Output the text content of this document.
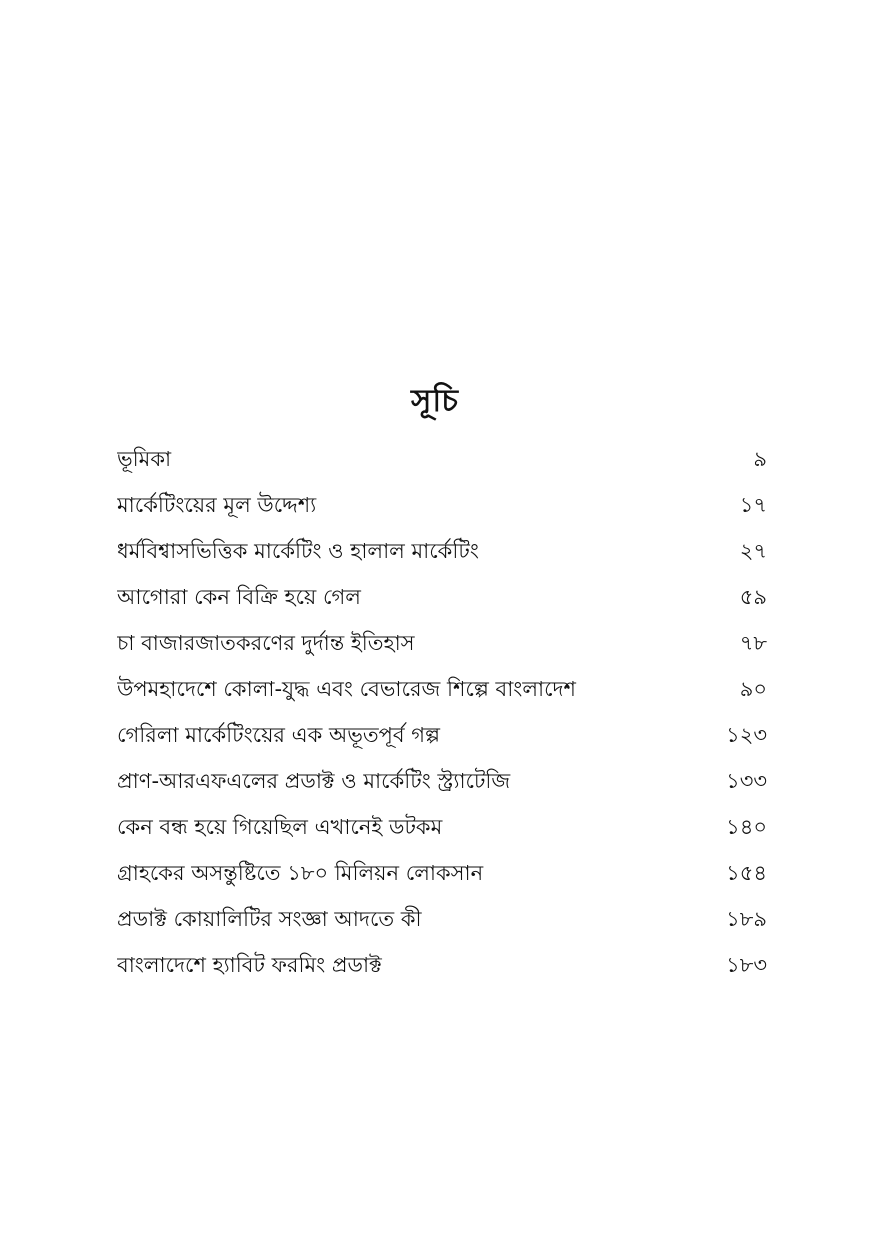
সূচি
ভূমিকা	৯
মার্কেটিংয়ের মূল উদ্দেশ্য	১৭
ধর্মবিশ্বাসভিত্তিক মার্কেটিং ও হালাল মার্কেটিং	২৭
আগোরা কেন বিক্রি হয়ে গেল	৫৯
চা বাজারজাতকরণের দুর্দান্ত ইতিহাস	৭৮
উপমহাদেশে কোলা-যুদ্ধ এবং বেভারেজ শিল্পে বাংলাদেশ	৯০
গেরিলা মার্কেটিংয়ের এক অভূতপূর্ব গল্প	১২৩
প্রাণ-আরএফএলের প্রডাক্ট ও মার্কেটিং স্ট্র্যাটেজি	১৩৩
কেন বন্ধ হয়ে গিয়েছিল এখানেই ডটকম	১৪০
গ্রাহকের অসন্তুষ্টিতে ১৮০ মিলিয়ন লোকসান	১৫৪
প্রডাক্ট কোয়ালিটির সংজ্ঞা আদতে কী	১৮৯
বাংলাদেশে হ্যাবিট ফরমিং প্রডাক্ট	১৮৩
